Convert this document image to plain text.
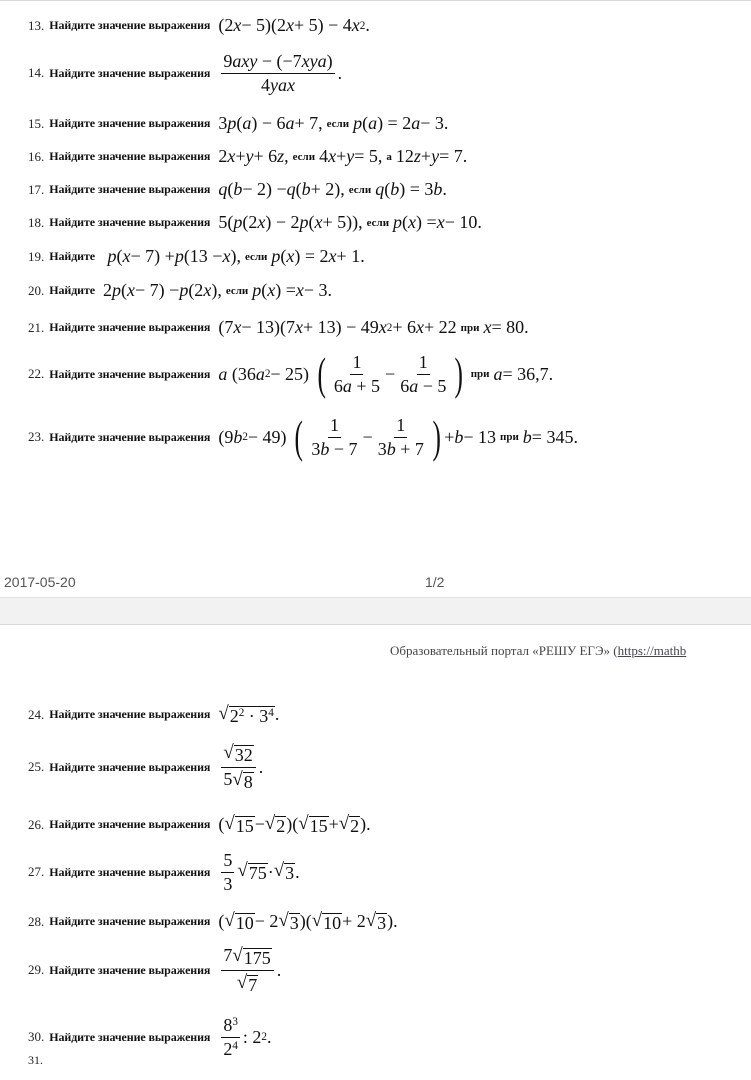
13. Найдите значение выражения (2 x − 5)(2 x + 5) − 4 x 2 .
14. Найдите значение выражения $\frac{\text{9axy − (−7xya)}}{\text{4yax}}$ .
15. Найдите значение выражения 3 p ( a ) − 6 a + 7 , если p ( a ) = 2 a − 3.
16. Найдите значение выражения 2 x + y + 6 z , если 4 x + y = 5 , а 12 z + y = 7.
17. Найдите значение выражения q ( b − 2) − q ( b + 2) , если q ( b ) = 3 b .
18. Найдите значение выражения 5( p (2 x ) − 2 p ( x + 5)) , если p ( x ) = x − 10.
19. Найдите
p ( x − 7) + p (13 − x ) , если p ( x ) = 2 x + 1.
20. Найдите 2 p ( x − 7) − p (2 x ) , если p ( x ) = x − 3.
21. Найдите значение выражения (7 x − 13)(7 x + 13) − 49 x 2 + 6 x + 22 при x = 80.
22. Найдите значение выражения a (36 a 2 − 25) ( $\frac{1}{6a + 5} - \frac{1}{6a - 5}$ ) при a = 36,7.
23. Найдите значение выражения (9 b 2 − 49) ( $\frac{1}{3b - 7} - \frac{1}{3b + 7}$ ) + b − 13 при b = 345.
2017-05-20	1/2
Образовательный портал «РЕШУ ЕГЭ» (https://mathb
24. Найдите значение выражения √ $2^2 \cdot 3^4$ .
25. Найдите значение выражения $\frac{√ 32}{5 √ 8}$ .
26. Найдите значение выражения ( √ 15 − √ 2 )( √ 15 + √ 2 ).
27. Найдите значение выражения $\frac{5}{3}$ √ 75 · √ 3 .
28. Найдите значение выражения ( √ 10 − 2 √ 3 )( √ 10 + 2 √ 3 ).
29. Найдите значение выражения $\frac{7 √ 175}{√ 7}$ .
30. Найдите значение выражения $\frac{8^3}{2^4}$ : 2 2 .
31.
